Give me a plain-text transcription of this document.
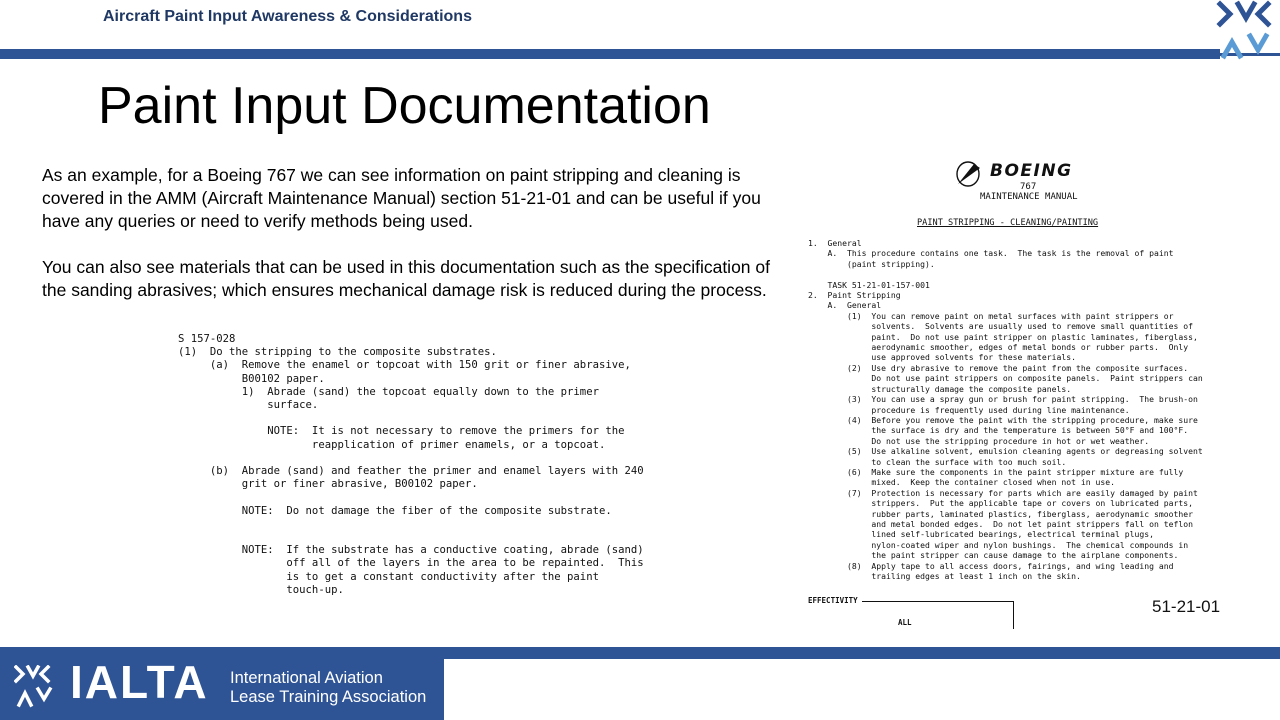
Aircraft Paint Input Awareness & Considerations
Paint Input Documentation

As an example, for a Boeing 767 we can see information on paint stripping and cleaning is covered in the AMM (Aircraft Maintenance Manual) section 51-21-01 and can be useful if you have any queries or need to verify methods being used.

You can also see materials that can be used in this documentation such as the specification of the sanding abrasives; which ensures mechanical damage risk is reduced during the process.

S 157-028
(1)  Do the stripping to the composite substrates.
(a)  Remove the enamel or topcoat with 150 grit or finer abrasive,
B00102 paper.
1)  Abrade (sand) the topcoat equally down to the primer
surface.

NOTE:  It is not necessary to remove the primers for the
reapplication of primer enamels, or a topcoat.

(b)  Abrade (sand) and feather the primer and enamel layers with 240
grit or finer abrasive, B00102 paper.

NOTE:  Do not damage the fiber of the composite substrate.

NOTE:  If the substrate has a conductive coating, abrade (sand)
off all of the layers in the area to be repainted.  This
is to get a constant conductivity after the paint
touch-up.
BOEING
767
MAINTENANCE MANUAL
PAINT STRIPPING - CLEANING/PAINTING
1.  General
A.  This procedure contains one task.  The task is the removal of paint
(paint stripping).

TASK 51-21-01-157-001
2.  Paint Stripping
A.  General
(1)  You can remove paint on metal surfaces with paint strippers or
solvents.  Solvents are usually used to remove small quantities of
paint.  Do not use paint stripper on plastic laminates, fiberglass,
aerodynamic smoother, edges of metal bonds or rubber parts.  Only
use approved solvents for these materials.
(2)  Use dry abrasive to remove the paint from the composite surfaces.
Do not use paint strippers on composite panels.  Paint strippers can
structurally damage the composite panels.
(3)  You can use a spray gun or brush for paint stripping.  The brush-on
procedure is frequently used during line maintenance.
(4)  Before you remove the paint with the stripping procedure, make sure
the surface is dry and the temperature is between 50°F and 100°F.
Do not use the stripping procedure in hot or wet weather.
(5)  Use alkaline solvent, emulsion cleaning agents or degreasing solvent
to clean the surface with too much soil.
(6)  Make sure the components in the paint stripper mixture are fully
mixed.  Keep the container closed when not in use.
(7)  Protection is necessary for parts which are easily damaged by paint
strippers.  Put the applicable tape or covers on lubricated parts,
rubber parts, laminated plastics, fiberglass, aerodynamic smoother
and metal bonded edges.  Do not let paint strippers fall on teflon
lined self-lubricated bearings, electrical terminal plugs,
nylon-coated wiper and nylon bushings.  The chemical compounds in
the paint stripper can cause damage to the airplane components.
(8)  Apply tape to all access doors, fairings, and wing leading and
trailing edges at least 1 inch on the skin.
EFFECTIVITY
ALL
51-21-01
IALTA International Aviation
Lease Training Association
